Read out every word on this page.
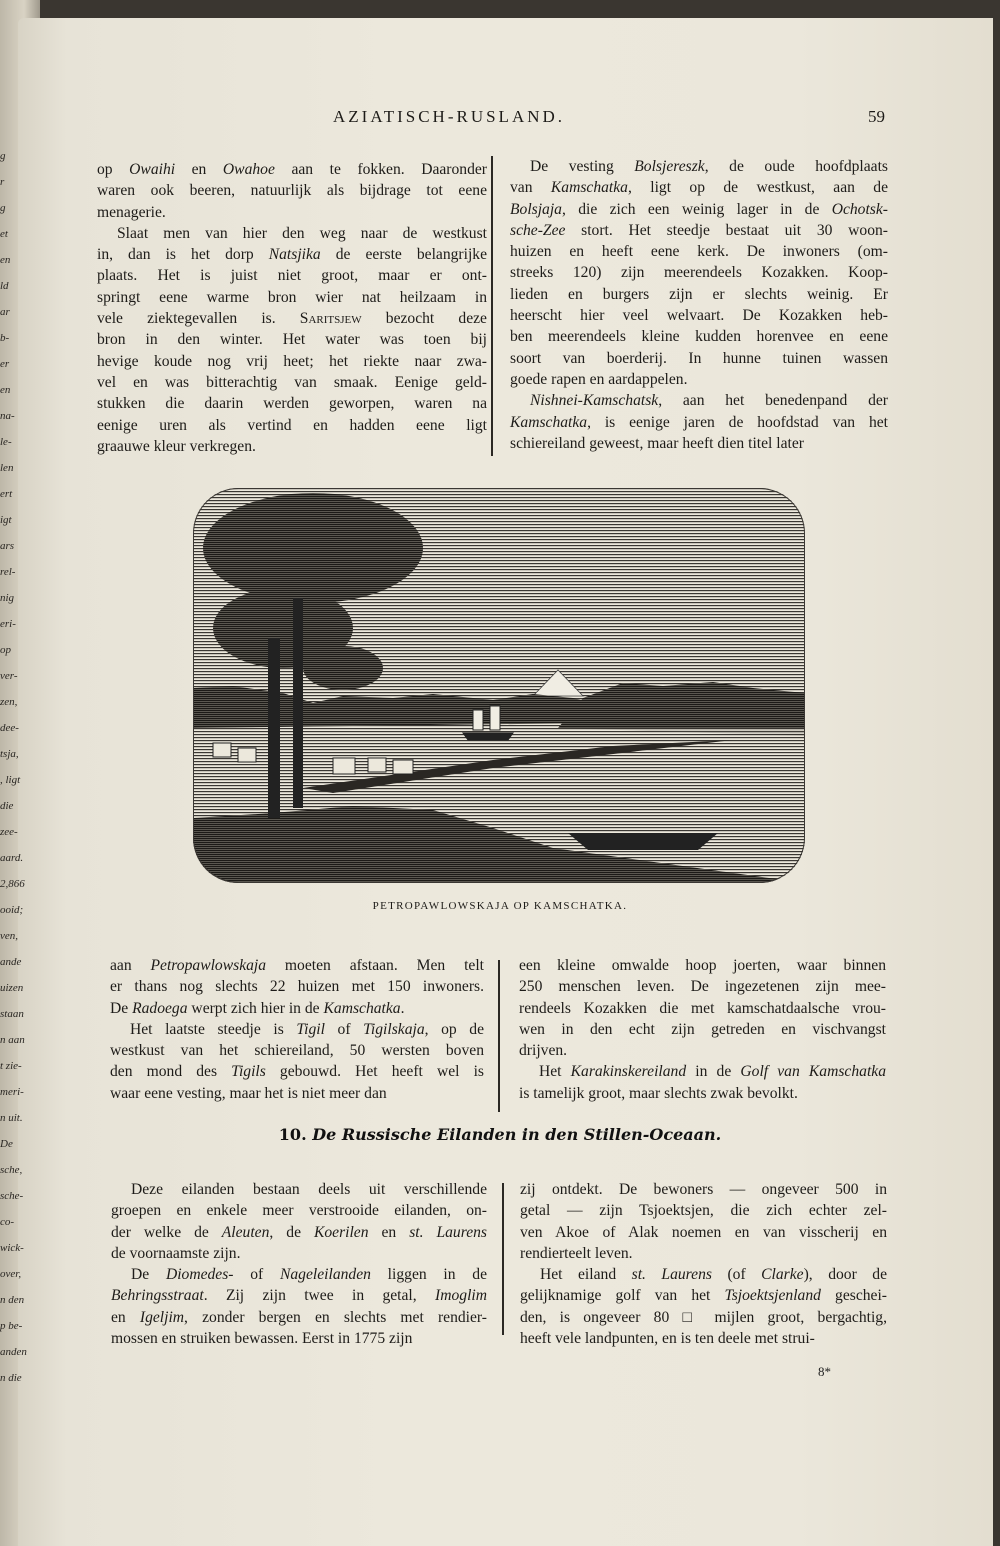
AZIATISCH-RUSLAND.	59
op Owaihi en Owahoe aan te fokken. Daaronder
waren ook beeren, natuurlijk als bijdrage tot eene
menagerie.
Slaat men van hier den weg naar de westkust
in, dan is het dorp Natsjika de eerste belangrijke
plaats. Het is juist niet groot, maar er ont-
springt eene warme bron wier nat heilzaam in
vele ziektegevallen is. Saritsjew bezocht deze
bron in den winter. Het water was toen bij
hevige koude nog vrij heet; het riekte naar zwa-
vel en was bitterachtig van smaak. Eenige geld-
stukken die daarin werden geworpen, waren na
eenige uren als vertind en hadden eene ligt
graauwe kleur verkregen.
De vesting Bolsjereszk, de oude hoofdplaats
van Kamschatka, ligt op de westkust, aan de
Bolsjaja, die zich een weinig lager in de Ochotsk-
sche-Zee stort. Het steedje bestaat uit 30 woon-
huizen en heeft eene kerk. De inwoners (om-
streeks 120) zijn meerendeels Kozakken. Koop-
lieden en burgers zijn er slechts weinig. Er
heerscht hier veel welvaart. De Kozakken heb-
ben meerendeels kleine kudden horenvee en eene
soort van boerderij. In hunne tuinen wassen
goede rapen en aardappelen.
Nishnei-Kamschatsk, aan het benedenpand der
Kamschatka, is eenige jaren de hoofdstad van het
schiereiland geweest, maar heeft dien titel later
PETROPAWLOWSKAJA OP KAMSCHATKA.
aan Petropawlowskaja moeten afstaan. Men telt
er thans nog slechts 22 huizen met 150 inwoners.
De Radoega werpt zich hier in de Kamschatka.
Het laatste steedje is Tigil of Tigilskaja, op de
westkust van het schiereiland, 50 wersten boven
den mond des Tigils gebouwd. Het heeft wel is
waar eene vesting, maar het is niet meer dan
een kleine omwalde hoop joerten, waar binnen
250 menschen leven. De ingezetenen zijn mee-
rendeels Kozakken die met kamschatdaalsche vrou-
wen in den echt zijn getreden en vischvangst
drijven.
Het Karakinskereiland in de Golf van Kamschatka
is tamelijk groot, maar slechts zwak bevolkt.
10. De Russische Eilanden in den Stillen-Oceaan.
Deze eilanden bestaan deels uit verschillende
groepen en enkele meer verstrooide eilanden, on-
der welke de Aleuten, de Koerilen en st. Laurens
de voornaamste zijn.
De Diomedes- of Nageleilanden liggen in de
Behringsstraat. Zij zijn twee in getal, Imoglim
en Igeljim, zonder bergen en slechts met rendier-
mossen en struiken bewassen. Eerst in 1775 zijn
zij ontdekt. De bewoners — ongeveer 500 in
getal — zijn Tsjoektsjen, die zich echter zel-
ven Akoe of Alak noemen en van visscherij en
rendierteelt leven.
Het eiland st. Laurens (of Clarke), door de
gelijknamige golf van het Tsjoektsjenland geschei-
den, is ongeveer 80 □ mijlen groot, bergachtig,
heeft vele landpunten, en is ten deele met strui-
8*
g
r
g
et
en
ld
ar
b-
er
en
na-
le-
len
ert
igt
ars
rel-
nig
eri-
op
ver-
zen,
dee-
tsja,
, ligt
die
zee-
aard.
2,866
ooid;
ven,
ande
uizen
staan
n aan
t zie-
meri-
n uit.
De
sche,
sche-
co-
wick-
over,
n den
p be-
anden
n die
